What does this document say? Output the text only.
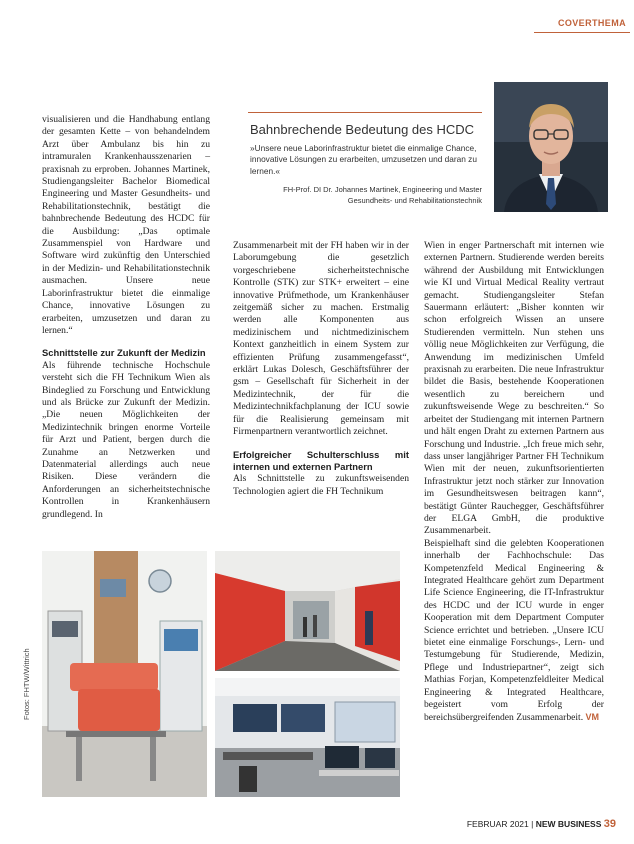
COVERTHEMA
Bahnbrechende Bedeutung des HCDC
»Unsere neue Laborinfrastruktur bietet die einmalige Chance, innovative Lösungen zu erarbeiten, umzusetzen und daran zu lernen.«
FH-Prof. DI Dr. Johannes Martinek, Engineering und Master
Gesundheits- und Rehabilitationstechnik

visualisieren und die Handhabung entlang der gesamten Kette – von behandelndem Arzt über Ambulanz bis hin zu intramuralen Krankenhausszenarien – praxisnah zu erproben. Johannes Martinek, Studiengangsleiter Bachelor Biomedical Engineering und Master Gesundheits- und Rehabilitationstechnik, bestätigt die bahnbrechende Bedeutung des HCDC für die Ausbildung: „Das optimale Zusammenspiel von Hardware und Software wird zukünftig den Unterschied in der Medizin- und Rehabilitationstechnik ausmachen. Unsere neue Laborinfrastruktur bietet die einmalige Chance, innovative Lösungen zu erarbeiten, umzusetzen und daran zu lernen.“

Schnittstelle zur Zukunft der Medizin

Als führende technische Hochschule versteht sich die FH Technikum Wien als Bindeglied zu Forschung und Entwicklung und als Brücke zur Zukunft der Medizin. „Die neuen Möglichkeiten der Medizintechnik bringen enorme Vorteile für Arzt und Patient, bergen durch die Zunahme an Netzwerken und Datenmaterial allerdings auch neue Risiken. Diese verändern die Anforderungen an sicherheitstechnische Kontrollen in Krankenhäusern grundlegend. In

Zusammenarbeit mit der FH haben wir in der Laborumgebung die gesetzlich vorgeschriebene sicherheitstechnische Kontrolle (STK) zur STK+ erweitert – eine innovative Prüfmethode, um Krankenhäuser zeitgemäß sicher zu machen. Erstmalig werden alle Komponenten aus medizinischem und nichtmedizinischem Kontext ganzheitlich in einem System zur effizienten Prüfung zusammengefasst“, erklärt Lukas Dolesch, Geschäftsführer der gsm – Gesellschaft für Sicherheit in der Medizintechnik, der für die Medizintechnikfachplanung der ICU sowie für die Realisierung gemeinsam mit Firmenpartnern verantwortlich zeichnet.

Erfolgreicher Schulterschluss mit internen und externen Partnern

Als Schnittstelle zu zukunftsweisenden Technologien agiert die FH Technikum

Wien in enger Partnerschaft mit internen wie externen Partnern. Studierende werden bereits während der Ausbildung mit Entwicklungen wie KI und Virtual Medical Reality vertraut gemacht. Studiengangsleiter Stefan Sauermann erläutert: „Bisher konnten wir schon erfolgreich Wissen an unsere Studierenden vermitteln. Nun stehen uns völlig neue Möglichkeiten zur Verfügung, die Anwendung im medizinischen Umfeld praxisnah zu erarbeiten. Die neue Infrastruktur bildet die Basis, bestehende Kooperationen wesentlich zu bereichern und zukunftsweisende Wege zu beschreiten.“ So arbeitet der Studiengang mit internen Partnern und hält engen Draht zu externen Partnern aus Forschung und Industrie. „Ich freue mich sehr, dass unser langjähriger Partner FH Technikum Wien mit der neuen, zukunftsorientierten Infrastruktur jetzt noch stärker zur Innovation im Gesundheitswesen beitragen kann“, bestätigt Günter Rauchegger, Geschäftsführer der ELGA GmbH, die produktive Zusammenarbeit.

Beispielhaft sind die gelebten Kooperationen innerhalb der Fachhochschule: Das Kompetenzfeld Medical Engineering & Integrated Healthcare gehört zum Department Life Science Engineering, die IT-Infrastruktur des HCDC und der ICU wurde in enger Kooperation mit dem Department Computer Science errichtet und betrieben. „Unsere ICU bietet eine einmalige Forschungs-, Lern- und Testumgebung für Studierende, Medizin, Pflege und Industriepartner“, zeigt sich Mathias Forjan, Kompetenzfeldleiter Medical Engineering & Integrated Healthcare, begeistert vom Erfolg der bereichsübergreifenden Zusammenarbeit. VM

Fotos: FHTW/Wittrich
FEBRUAR 2021 | NEW BUSINESS 39
